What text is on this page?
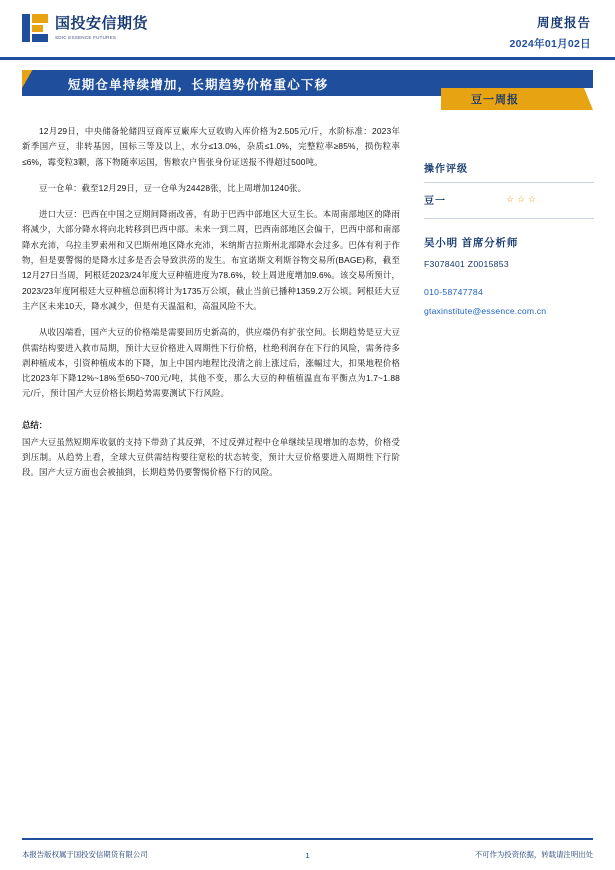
国投安信期货
SDIC ESSENCE FUTURES
周度报告
2024年01月02日
短期仓单持续增加，长期趋势价格重心下移
豆一周报

12月29日，中央储备轮储四豆商库豆廠库大豆收购入库价格为2.505元/斤，水阶标准：2023年新季国产豆，非转基因，国标三等及以上，水分≤13.0%，杂质≤1.0%，完整粒率≥85%，损伤粒率≤6%，霉变粒3颗，落下物随率运国，售粮农户售张身份证送报不得超过500吨。

豆一仓单：截至12月29日，豆一仓单为24428张，比上周增加1240张。

进口大豆：巴西在中国之豆期间降雨改善，有助于巴西中部地区大豆生长。本周南部地区的降雨将减少，大部分降水将向北转移到巴西中部。未来一到二周，巴西南部地区会偏干，巴西中部和南部降水充沛，乌拉圭罗索州和又巴斯州地区降水充沛，米纳斯吉拉斯州北部降水会过多。巴体有利于作物，但是要警惕的是降水过多是否会导致洪涝的发生。布宜诺斯文利斯谷物交易所(BAGE)称，截至12月27日当周，阿根廷2023/24年度大豆种植进度为78.6%，较上周进度增加9.6%。该交易所预计，2023/23年度阿根廷大豆种植总面积将计为1735万公顷，截止当前已播种1359.2万公顷。阿根廷大豆主产区未来10天，降水减少，但是有天温温和，高温风险不大。

从收囚端看，国产大豆的价格端是需要回历史新高的，供应端仍有扩张空间。长期趋势是豆大豆供需结构要进入救市局期，预计大豆价格进入周期性下行价格，杜绝利润存在下行的风险，需务待多剥种植成本，引资种植成本的下降，加上中国内地程比没清之前上涨过后，涨幅过大，扣果地程价格比2023年下降12%~18%至650~700元/吨，其他不变，那么大豆的种植植温直布平衡点为1.7~1.88元/斤，预计国产大豆价格长期趋势需要测试下行风险。

总结：

国产大豆虽然短期库收氨的支持下带劲了其反弹，不过反弹过程中仓单继续呈现增加的态势，价格受到压制。从趋势上看，全球大豆供需结构要往宽松的状态转变，预计大豆价格要进入周期性下行阶段。国产大豆方面也会被抽到，长期趋势仍要警惕价格下行的风险。

操作评级
豆一	☆☆☆
吴小明 首席分析师
F3078401 Z0015853
010-58747784
gtaxinstitute@essence.com.cn
本报告版权属于国投安信期货有限公司	不可作为投资依据，转载请注明出处
1
